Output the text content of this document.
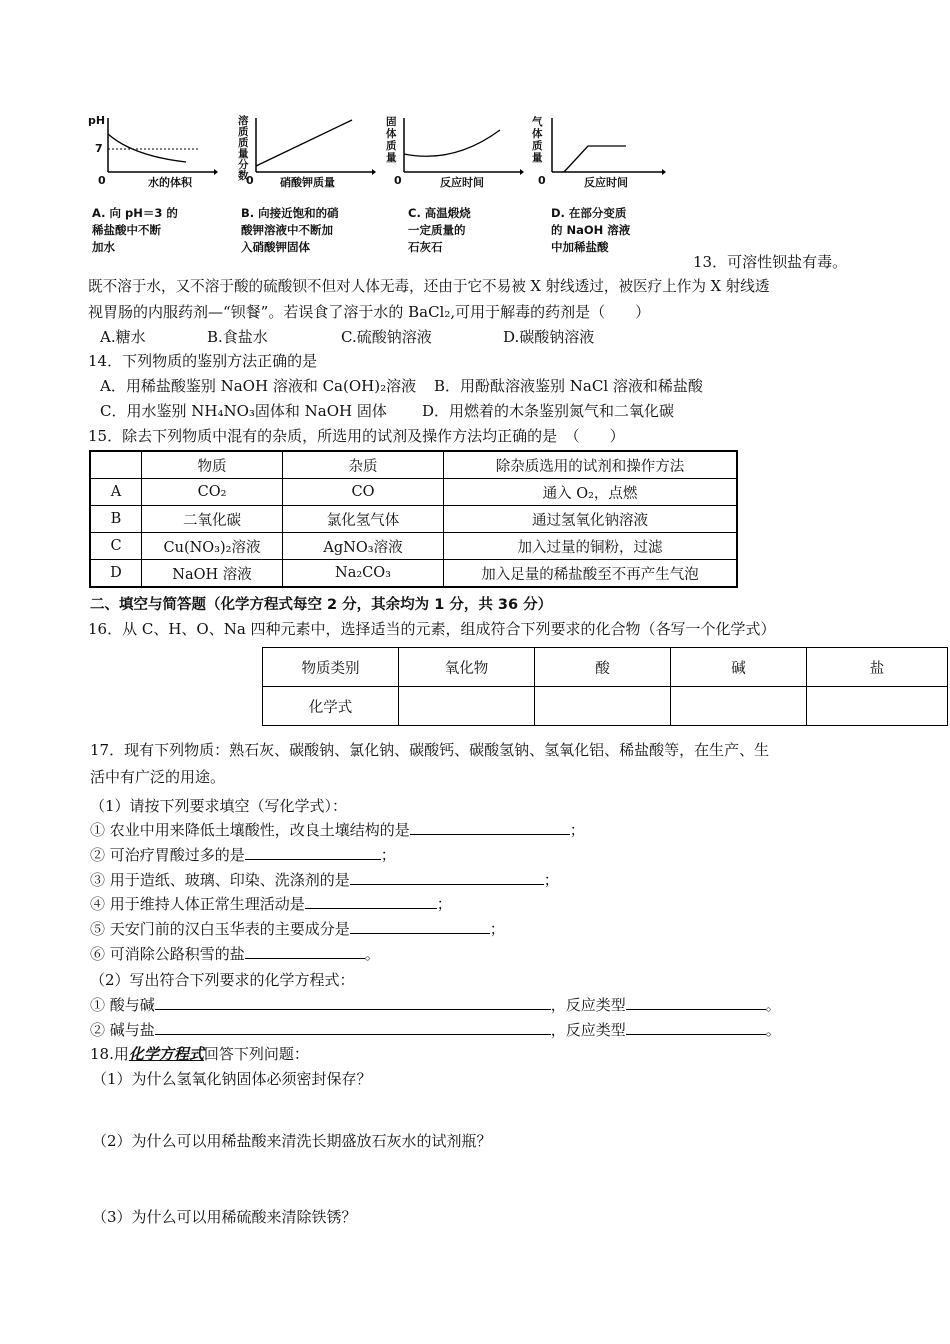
pH
7
0	水的体积
A. 向 pH＝3 的
稀盐酸中不断
加水
溶质质量分数
0 硝酸钾质量
B. 向接近饱和的硝
酸钾溶液中不断加
入硝酸钾固体
固体质量
0	反应时间
C. 高温煅烧
一定质量的
石灰石
气体质量
0	反应时间
D. 在部分变质
的 NaOH 溶液
中加稀盐酸
13．可溶性钡盐有毒。
既不溶于水，又不溶于酸的硫酸钡不但对人体无毒，还由于它不易被 X 射线透过，被医疗上作为 X 射线透
视胃肠的内服药剂—“钡餐”。若误食了溶于水的 BaCl₂,可用于解毒的药剂是（　　）
A.糖水	B.食盐水	C.硫酸钠溶液	D.碳酸钠溶液
14．下列物质的鉴别方法正确的是
A．用稀盐酸鉴别 NaOH 溶液和 Ca(OH)₂溶液 B．用酚酞溶液鉴别 NaCl 溶液和稀盐酸
C．用水鉴别 NH₄NO₃固体和 NaOH 固体 D．用燃着的木条鉴别氮气和二氧化碳
15．除去下列物质中混有的杂质，所选用的试剂及操作方法均正确的是　（　　）
	物质	杂质	除杂质选用的试剂和操作方法
A	CO₂	CO	通入 O₂，点燃
B	二氧化碳	氯化氢气体	通过氢氧化钠溶液
C	Cu(NO₃)₂溶液	AgNO₃溶液	加入过量的铜粉，过滤
D	NaOH 溶液	Na₂CO₃	加入足量的稀盐酸至不再产生气泡
二、填空与简答题（化学方程式每空 2 分，其余均为 1 分，共 36 分）
16．从 C、H、O、Na 四种元素中，选择适当的元素，组成符合下列要求的化合物（各写一个化学式）
物质类别	氧化物	酸	碱	盐
化学式				
17．现有下列物质：熟石灰、碳酸钠、氯化钠、碳酸钙、碳酸氢钠、氢氧化铝、稀盐酸等，在生产、生
活中有广泛的用途。
（1）请按下列要求填空（写化学式）：
① 农业中用来降低土壤酸性，改良土壤结构的是	；
② 可治疗胃酸过多的是	；
③ 用于造纸、玻璃、印染、洗涤剂的是	；
④ 用于维持人体正常生理活动是	；
⑤ 天安门前的汉白玉华表的主要成分是	；
⑥ 可消除公路积雪的盐	。
（2）写出符合下列要求的化学方程式：
① 酸与碱	，反应类型	。
② 碱与盐	，反应类型	。
18.用化学方程式回答下列问题：
（1）为什么氢氧化钠固体必须密封保存？
（2）为什么可以用稀盐酸来清洗长期盛放石灰水的试剂瓶？
（3）为什么可以用稀硫酸来清除铁锈？
